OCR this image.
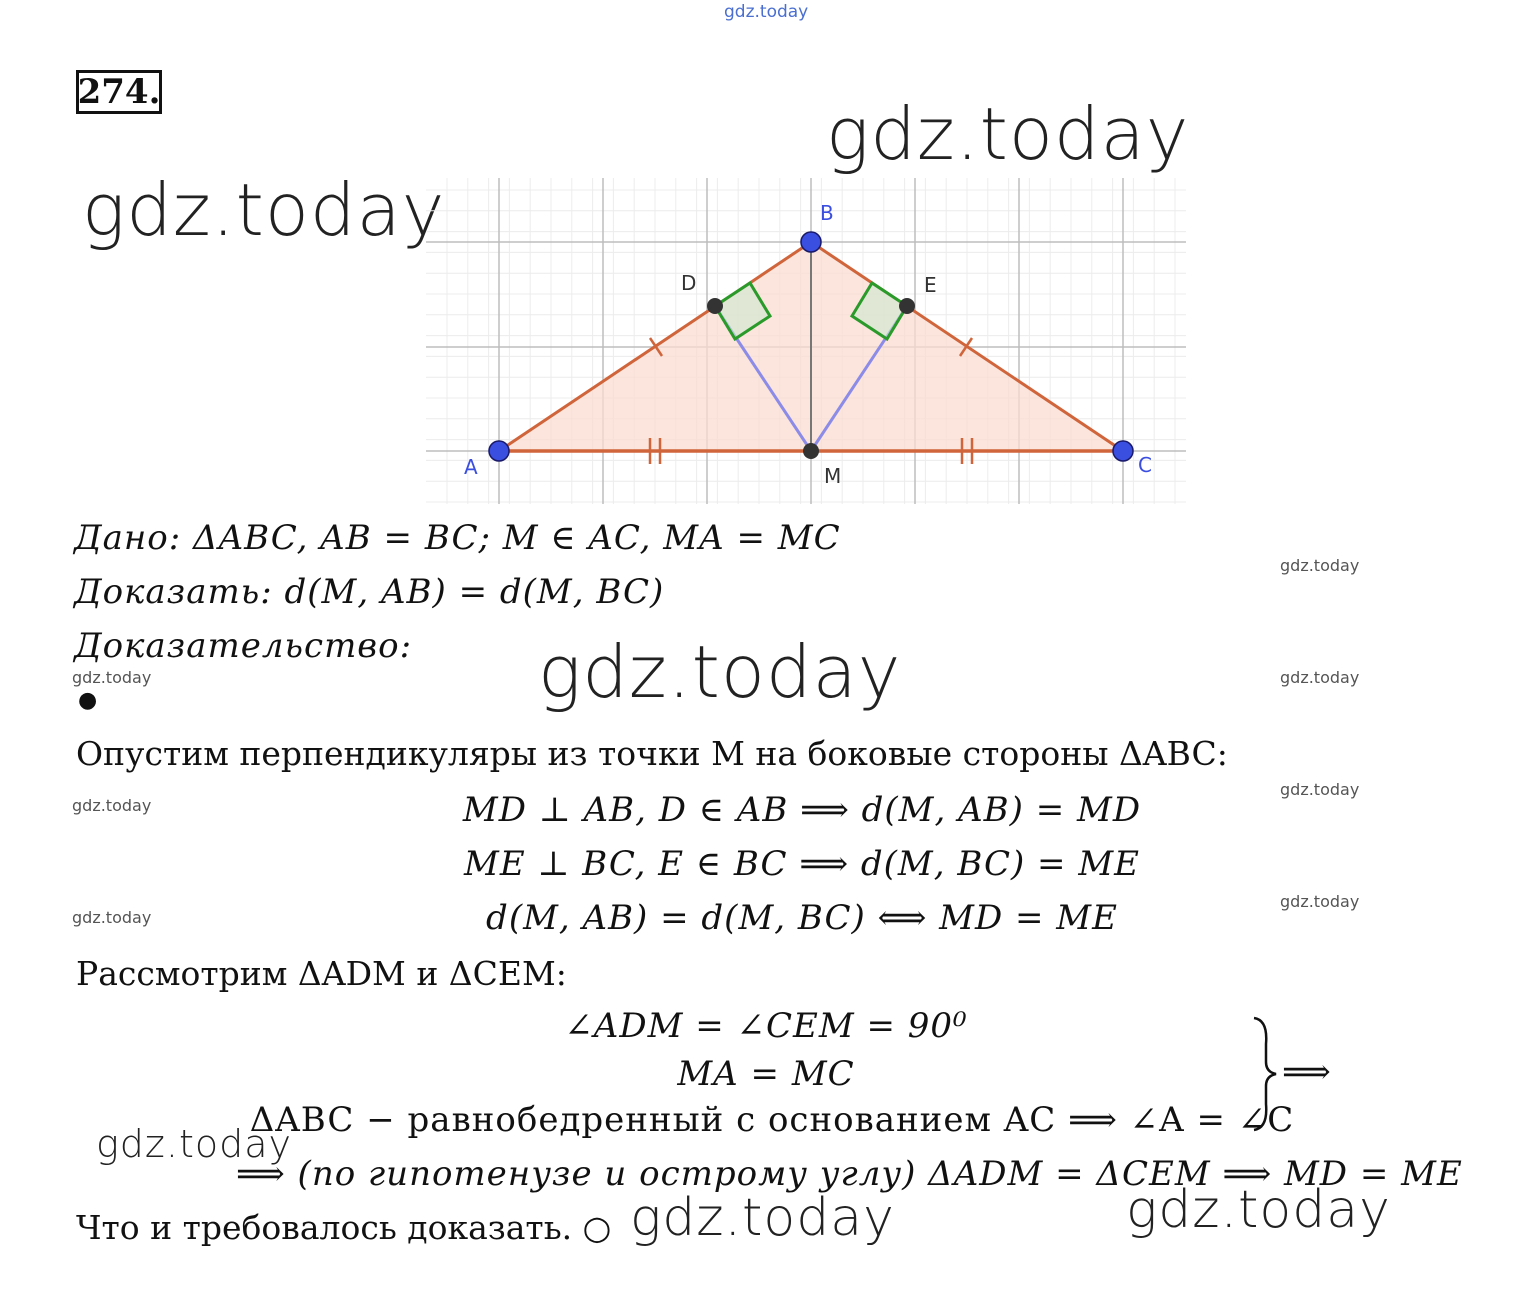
gdz.today
274.	gdz.today
gdz.today
gdz.today
gdz.today
gdz.today	gdz.today
gdz.today
gdz.today	gdz.today
gdz.today
gdz.today
gdz.today
gdz.today
A
B
C
D	E
M
Дано: ΔABC, AB = BC; M ∈ AC, MA = MC
Доказать: d(M, AB) = d(M, BC)
Доказательство:
●
Опустим перпендикуляры из точки M на боковые стороны ΔABC:
MD ⊥ AB, D ∈ AB ⟹ d(M, AB) = MD
ME ⊥ BC, E ∈ BC ⟹ d(M, BC) = ME
d(M, AB) = d(M, BC) ⟺ MD = ME
Рассмотрим ΔADM и ΔCEM:
∠ADM = ∠CEM = 90⁰
MA = MC
ΔABC − равнобедренный с основанием AC ⟹ ∠A = ∠C
⟹
⟹ (по гипотенузе и острому углу) ΔADM = ΔCEM ⟹ MD = ME
Что и требовалось доказать. ○
